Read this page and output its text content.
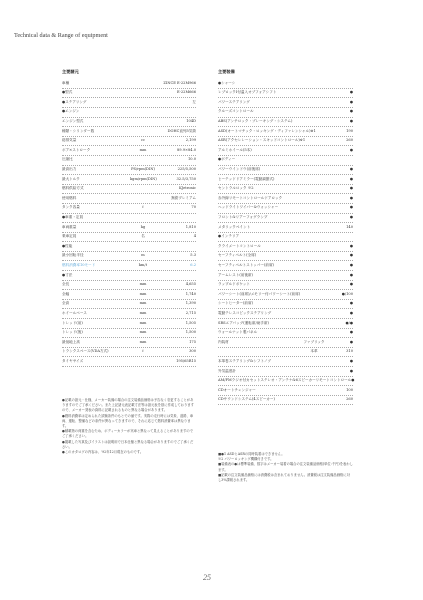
Technical data & Range of equipment
主要諸元
車種	ZINCE E-22M966
●型式	E-22M666
●ステアリング	左
●エンジン
エンジン型式	104D
種類・シリンダー数	DOHC直列5気筒
総排気量	cc	2,199
ボア×ストローク	mm	89.9×84.0
圧縮比	10.0
最高出力	PS/rpm(DIN)	225/5,500
最大トルク	kgm/rpm(DIN)	32.5/3,750
燃料供給方式	KJetronic
使用燃料	無鉛プレミアム
タンク容量	ℓ	70
●車重・定員
車両重量	kg	1,810
乗車定員	名	4
●性能
最小回転半径	m	5.3
燃料消費率10モード	km/ℓ	6.2
●寸法
全長	mm	4,655
全幅	mm	1,740
全高	mm	1,390
ホイールベース	mm	2,715
トレッド(前)	mm	1,505
トレッド(後)	mm	1,500
最低地上高	mm	175
トランクスペース(VDA方式)	ℓ	300
タイヤサイズ	195/65R15
主要装備
●シャーシ
レブロックI付温入オブフォアシフト	●
パワーステアリング	●
クルーズコントロール	●
ABS(アンチロック・ブレーキング・システム)	●
ASD(オートマチック・ロッキング・ディファレンシャル)※1	190
ASR(アクセレレーション・スキッドコントロール)※1	260
アルミホイール(5本)	●
●ボディー
パワーウインドウ(前後席)	●
ヒーテッドドアミラー(電動調節式)	●
セントラルロック ※2	●
赤外線リモートコントロールドアロック	●
ヘッドライトワイパー&ウォッシャー	●
フロント&リアーフォグランプ	●
メタリックペイント	140
●インテリア
クライメートコントロール	●
セーフティベルト(全席)	●
セーフティベルトストッパー(前席)	●
アームレスト(前後席)	●
ラップルドボケット	●
パワーシート(前席)/メモリー付パワーシート(前席)	●/100
シートヒーター(前席)	●
電動テレスコピックステアリング	●
SRSエアバッグ(運転席/助手席)	●/●
ウォールナット製パネル	●
内装材	ファブリック	●
本革	310
本革巻ステアリング&シフトノブ	●
外気温度計	●
AM/FMラジオ付カセットステレオ・アンテナ&6スピーカーリモートコントロール ●
CDオートチェンジャー	100
CDサウンドシステム(4スピーカー)	260
●記載の諸元・仕様、メーカー装備の場合の注文装備品価格は予告なく変更することがありますのでご了承ください。また上記諸元表記載寸法等は諸元表を基に作成しておりますので、メーカー発表の資料に記載されるものと異なる場合があります。
●燃料消費率は定められた試験条件のもとでの値です。実際の走行時には気象、道路、車両、運転、整備などの条件が異なってきますので、それに応じて燃料消費率は異なります。
●積載物の荷重を含むため、ボディーカラーが実車と異なって見えることがありますのでご了承ください。
●掲載した写真及びイラストは説明用で日本仕様と異なる場合がありますのでご了承ください。
●このカタログの内容は、'92年12月現在のものです。	■●1 ASDとASRの同時装着はできません。
※2 パワーロッキング機構付きです。
■装備表の●は標準装備、数字はメーカー装着の場合の注文装備品価格(単位:千円)を表わします。
■記載の注文装備品価格には消費税は含まれておりません。消費税は注文装備品価格に対し3%課税されます。
25
